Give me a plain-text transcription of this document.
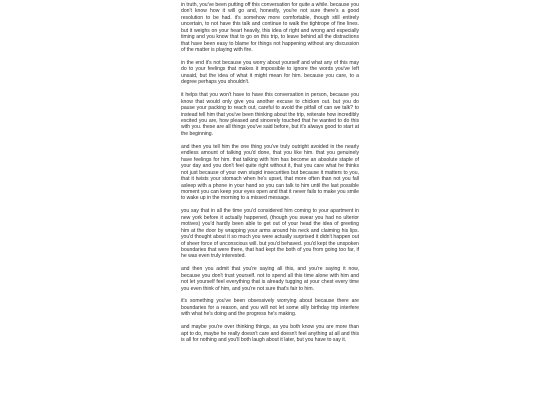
in truth, you've been putting off this conversation for quite a while. because you don't know how it will go and, honestly, you're not sure there's a good resolution to be had. it's somehow more comfortable, though still entirely uncertain, to not have this talk and continue to walk the tightrope of fine lines. but it weighs on your heart heavily, this idea of right and wrong and especially timing and you know that to go on this trip, to leave behind all the distractions that have been easy to blame for things not happening without any discussion of the matter is playing with fire.

in the end it's not because you worry about yourself and what any of this may do to your feelings that makes it impossible to ignore the words you've left unsaid, but the idea of what it might mean for him. because you care, to a degree perhaps you shouldn't.

it helps that you won't have to have this conversation in person, because you know that would only give you another excuse to chicken out. but you do pause your packing to reach out, careful to avoid the pitfall of can we talk? to instead tell him that you've been thinking about the trip, reiterate how incredibly excited you are, how pleased and sincerely touched that he wanted to do this with you. these are all things you've said before, but it's always good to start at the beginning.

and then you tell him the one thing you've truly outright avoided in the nearly endless amount of talking you'd done, that you like him. that you genuinely have feelings for him. that talking with him has become an absolute staple of your day and you don't feel quite right without it, that you care what he thinks not just because of your own stupid insecurities but because it matters to you, that it twists your stomach when he's upset, that more often than not you fall asleep with a phone in your hand so you can talk to him until the last possible moment you can keep your eyes open and that it never fails to make you smile to wake up in the morning to a missed message.

you say that in all the time you'd considered him coming to your apartment in new york before it actually happened, (though you swear you had no ulterior motives) you'd hardly been able to get out of your head the idea of greeting him at the door by wrapping your arms around his neck and claiming his lips. you'd thought about it so much you were actually surprised it didn't happen out of sheer force of unconscious will. but you'd behaved. you'd kept the unspoken boundaries that were there, that had kept the both of you from going too far, if he was even truly interested.

and then you admit that you're saying all this, and you're saying it now, because you don't trust yourself. not to spend all this time alone with him and not let yourself feel everything that is already tugging at your chest every time you even think of him, and you're not sure that's fair to him.

it's something you've been obsessively worrying about because there are boundaries for a reason, and you will not let some silly birthday trip interfere with what he's doing and the progress he's making.

and maybe you're over thinking things, as you both know you are more than apt to do, maybe he really doesn't care and doesn't feel anything at all and this is all for nothing and you'll both laugh about it later, but you have to say it.
